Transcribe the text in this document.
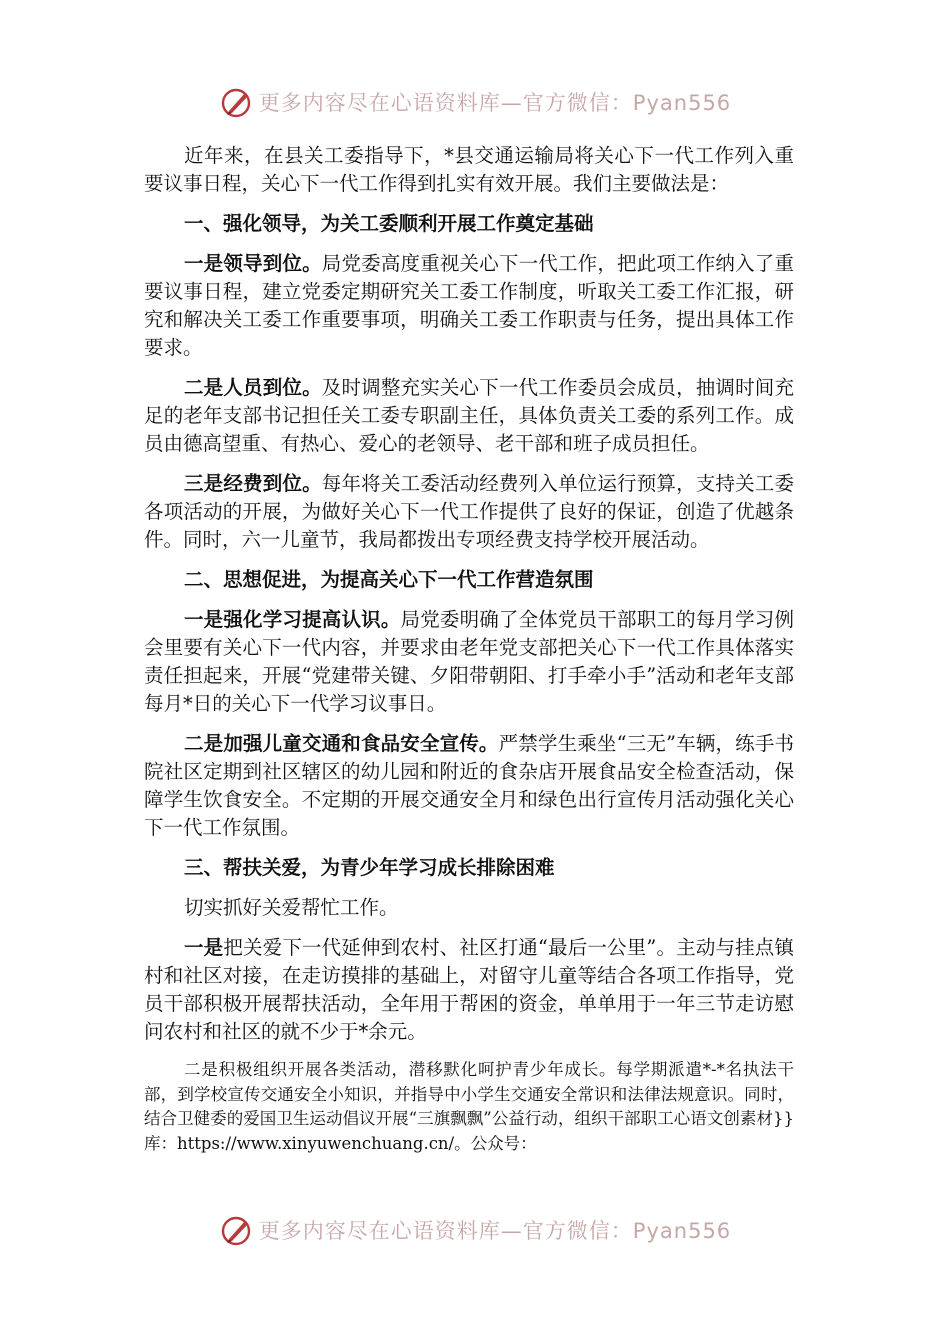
更多内容尽在心语资料库—官方微信：Pyan556

近年来，在县关工委指导下，*县交通运输局将关心下一代工作列入重要议事日程，关心下一代工作得到扎实有效开展。我们主要做法是：

一、强化领导，为关工委顺利开展工作奠定基础

一是领导到位。局党委高度重视关心下一代工作，把此项工作纳入了重要议事日程，建立党委定期研究关工委工作制度，听取关工委工作汇报，研究和解决关工委工作重要事项，明确关工委工作职责与任务，提出具体工作要求。

二是人员到位。及时调整充实关心下一代工作委员会成员，抽调时间充足的老年支部书记担任关工委专职副主任，具体负责关工委的系列工作。成员由德高望重、有热心、爱心的老领导、老干部和班子成员担任。

三是经费到位。每年将关工委活动经费列入单位运行预算，支持关工委各项活动的开展，为做好关心下一代工作提供了良好的保证，创造了优越条件。同时，六一儿童节，我局都拨出专项经费支持学校开展活动。

二、思想促进，为提高关心下一代工作营造氛围

一是强化学习提高认识。局党委明确了全体党员干部职工的每月学习例会里要有关心下一代内容，并要求由老年党支部把关心下一代工作具体落实责任担起来，开展“党建带关键、夕阳带朝阳、打手牵小手”活动和老年支部每月*日的关心下一代学习议事日。

二是加强儿童交通和食品安全宣传。严禁学生乘坐“三无”车辆，练手书院社区定期到社区辖区的幼儿园和附近的食杂店开展食品安全检查活动，保障学生饮食安全。不定期的开展交通安全月和绿色出行宣传月活动强化关心下一代工作氛围。

三、帮扶关爱，为青少年学习成长排除困难

切实抓好关爱帮忙工作。

一是把关爱下一代延伸到农村、社区打通“最后一公里”。主动与挂点镇村和社区对接，在走访摸排的基础上，对留守儿童等结合各项工作指导，党员干部积极开展帮扶活动，全年用于帮困的资金，单单用于一年三节走访慰问农村和社区的就不少于*余元。

二是积极组织开展各类活动，潜移默化呵护青少年成长。每学期派遣*-*名执法干部，到学校宣传交通安全小知识，并指导中小学生交通安全常识和法律法规意识。同时，结合卫健委的爱国卫生运动倡议开展“三旗飘飘”公益行动，组织干部职工心语文创素材}}库：https://www.xinyuwenchuang.cn/。公众号：

更多内容尽在心语资料库—官方微信：Pyan556
